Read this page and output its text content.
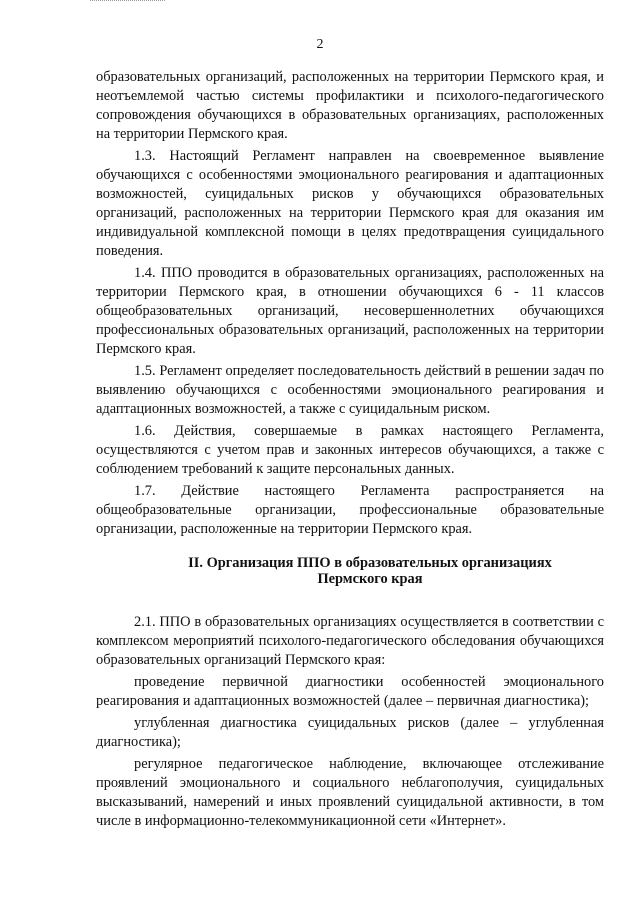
2

образовательных организаций, расположенных на территории Пермского края, и неотъемлемой частью системы профилактики и психолого-педагогического сопровождения обучающихся в образовательных организациях, расположенных на территории Пермского края.

1.3. Настоящий Регламент направлен на своевременное выявление обучающихся с особенностями эмоционального реагирования и адаптационных возможностей, суицидальных рисков у обучающихся образовательных организаций, расположенных на территории Пермского края для оказания им индивидуальной комплексной помощи в целях предотвращения суицидального поведения.

1.4. ППО проводится в образовательных организациях, расположенных на территории Пермского края, в отношении обучающихся 6 - 11 классов общеобразовательных организаций, несовершеннолетних обучающихся профессиональных образовательных организаций, расположенных на территории Пермского края.

1.5. Регламент определяет последовательность действий в решении задач по выявлению обучающихся с особенностями эмоционального реагирования и адаптационных возможностей, а также с суицидальным риском.

1.6. Действия, совершаемые в рамках настоящего Регламента, осуществляются с учетом прав и законных интересов обучающихся, а также с соблюдением требований к защите персональных данных.

1.7. Действие настоящего Регламента распространяется на общеобразовательные организации, профессиональные образовательные организации, расположенные на территории Пермского края.

II. Организация ППО в образовательных организациях
Пермского края

2.1. ППО в образовательных организациях осуществляется в соответствии с комплексом мероприятий психолого-педагогического обследования обучающихся образовательных организаций Пермского края:

проведение первичной диагностики особенностей эмоционального реагирования и адаптационных возможностей (далее – первичная диагностика);

углубленная диагностика суицидальных рисков (далее – углубленная диагностика);

регулярное педагогическое наблюдение, включающее отслеживание проявлений эмоционального и социального неблагополучия, суицидальных высказываний, намерений и иных проявлений суицидальной активности, в том числе в информационно-телекоммуникационной сети «Интернет».
